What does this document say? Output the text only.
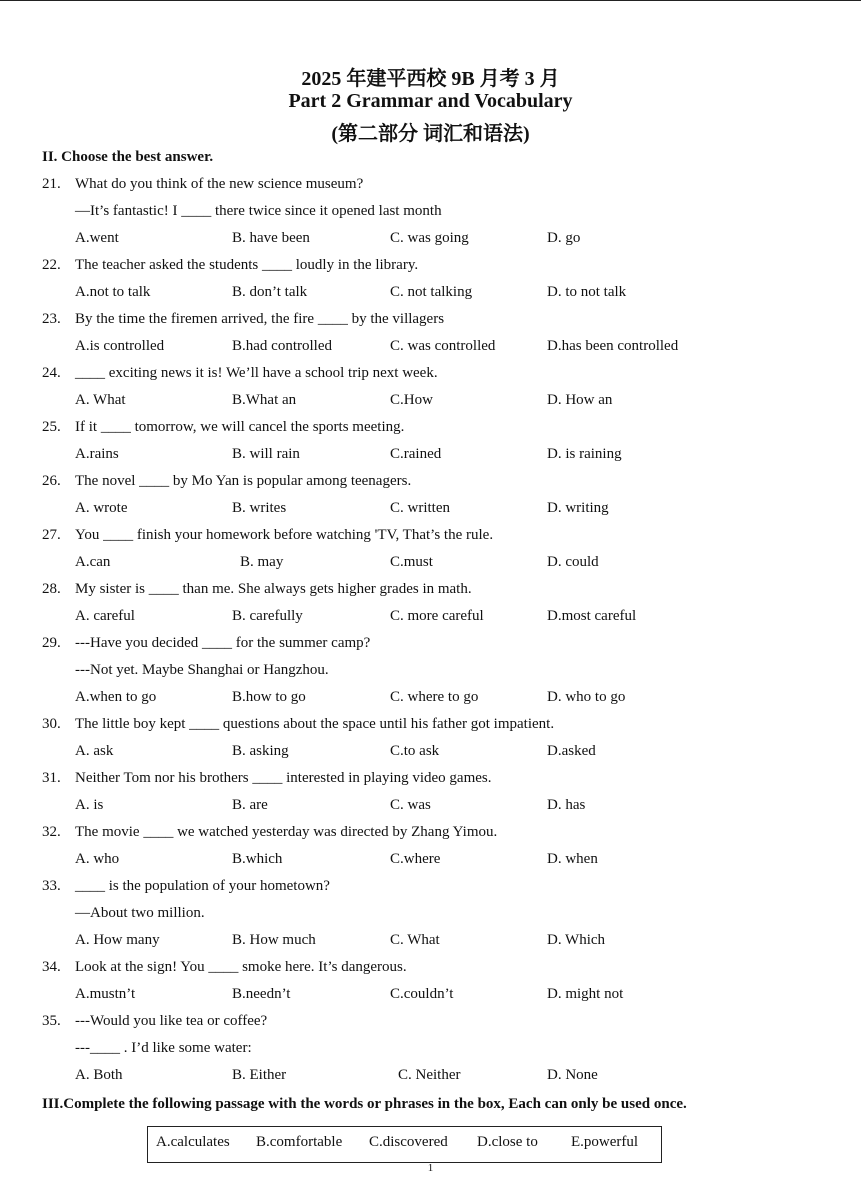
2025 年建平西校 9B 月考 3 月
Part 2 Grammar and Vocabulary
(第二部分 词汇和语法)
II. Choose the best answer.
21. What do you think of the new science museum?
—It’s fantastic! I ____ there twice since it opened last month
A.went	B. have been	C. was going	D. go
22. The teacher asked the students ____ loudly in the library.
A.not to talk	B. don’t talk	C. not talking	D. to not talk
23. By the time the firemen arrived, the fire ____ by the villagers
A.is controlled	B.had controlled	C. was controlled	D.has been controlled
24. ____ exciting news it is! We’ll have a school trip next week.
A. What	B.What an	C.How	D. How an
25. If it ____ tomorrow, we will cancel the sports meeting.
A.rains	B. will rain	C.rained	D. is raining
26. The novel ____ by Mo Yan is popular among teenagers.
A. wrote	B. writes	C. written	D. writing
27. You ____ finish your homework before watching 'TV, That’s the rule.
A.can	B. may	C.must	D. could
28. My sister is ____ than me. She always gets higher grades in math.
A. careful	B. carefully	C. more careful	D.most careful
29. ---Have you decided ____ for the summer camp?
---Not yet. Maybe Shanghai or Hangzhou.
A.when to go	B.how to go	C. where to go	D. who to go
30. The little boy kept ____ questions about the space until his father got impatient.
A. ask	B. asking	C.to ask	D.asked
31. Neither Tom nor his brothers ____ interested in playing video games.
A. is	B. are	C. was	D. has
32. The movie ____ we watched yesterday was directed by Zhang Yimou.
A. who	B.which	C.where	D. when
33. ____ is the population of your hometown?
—About two million.
A. How many	B. How much	C. What	D. Which
34. Look at the sign! You ____ smoke here. It’s dangerous.
A.mustn’t	B.needn’t	C.couldn’t	D. might not
35. ---Would you like tea or coffee?
---____ . I’d like some water:
A. Both	B. Either	C. Neither	D. None
III.Complete the following passage with the words or phrases in the box, Each can only be used once.
A.calculates B.comfortable C.discovered D.close to E.powerful
1
